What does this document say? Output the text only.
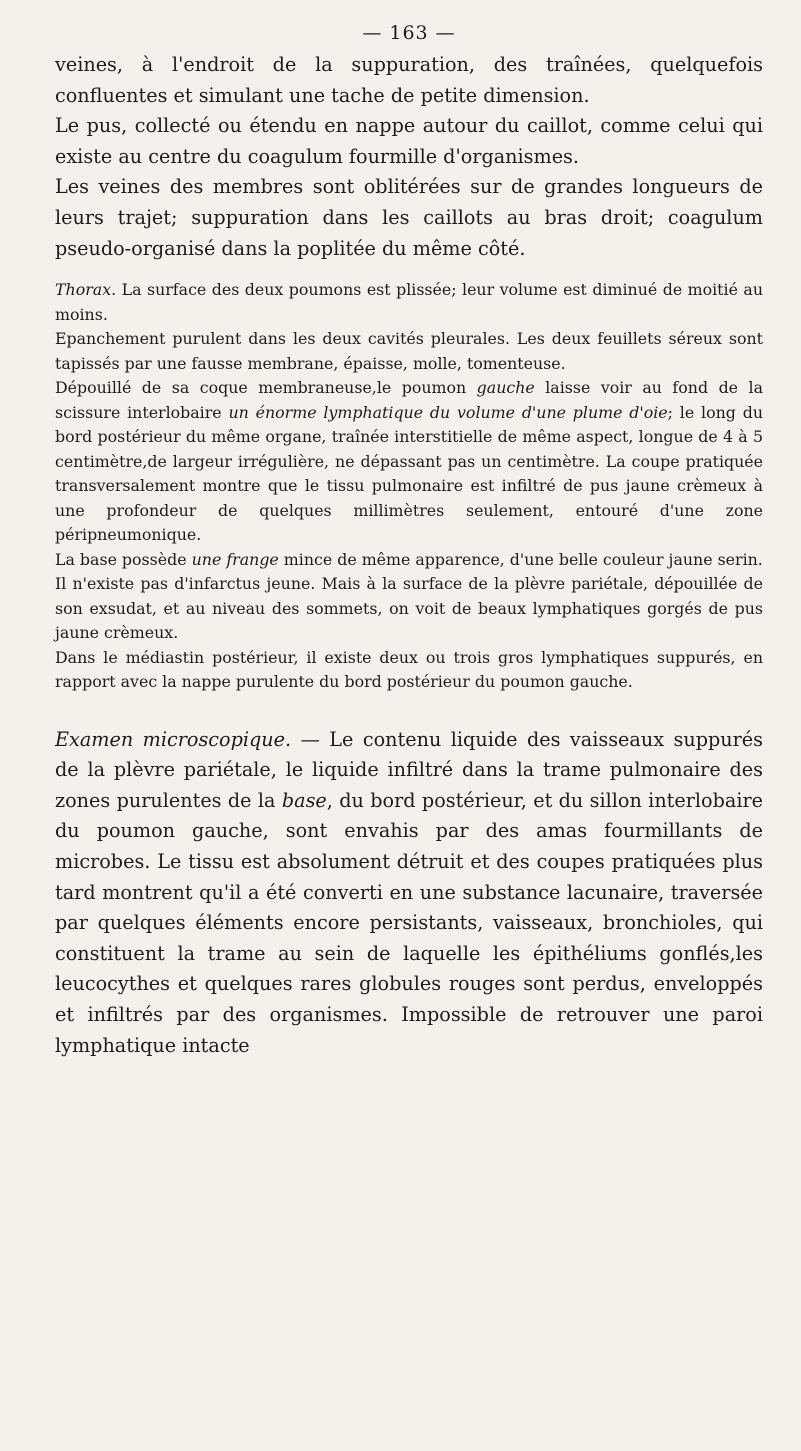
— 163 —

veines, à l'endroit de la suppuration, des traînées, quelquefois confluentes et simulant une tache de petite dimension.

Le pus, collecté ou étendu en nappe autour du caillot, comme celui qui existe au centre du coagulum fourmille d'organismes.

Les veines des membres sont oblitérées sur de grandes longueurs de leurs trajet; suppuration dans les caillots au bras droit; coagulum pseudo-organisé dans la poplitée du même côté.

Thorax. La surface des deux poumons est plissée; leur volume est diminué de moitié au moins.

Epanchement purulent dans les deux cavités pleurales. Les deux feuillets séreux sont tapissés par une fausse membrane, épaisse, molle, tomenteuse.

Dépouillé de sa coque membraneuse,le poumon gauche laisse voir au fond de la scissure interlobaire un énorme lymphatique du volume d'une plume d'oie; le long du bord postérieur du même organe, traînée interstitielle de même aspect, longue de 4 à 5 centimètre,de largeur irrégulière, ne dépassant pas un centimètre. La coupe pratiquée transversalement montre que le tissu pulmonaire est infiltré de pus jaune crèmeux à une profondeur de quelques millimètres seulement, entouré d'une zone péripneumonique.

La base possède une frange mince de même apparence, d'une belle couleur jaune serin.

Il n'existe pas d'infarctus jeune. Mais à la surface de la plèvre pariétale, dépouillée de son exsudat, et au niveau des sommets, on voit de beaux lymphatiques gorgés de pus jaune crèmeux.

Dans le médiastin postérieur, il existe deux ou trois gros lymphatiques suppurés, en rapport avec la nappe purulente du bord postérieur du poumon gauche.

Examen microscopique. — Le contenu liquide des vaisseaux suppurés de la plèvre pariétale, le liquide infiltré dans la trame pulmonaire des zones purulentes de la base, du bord postérieur, et du sillon interlobaire du poumon gauche, sont envahis par des amas fourmillants de microbes. Le tissu est absolument détruit et des coupes pratiquées plus tard montrent qu'il a été converti en une substance lacunaire, traversée par quelques éléments encore persistants, vaisseaux, bronchioles, qui constituent la trame au sein de laquelle les épithéliums gonflés,les leucocythes et quelques rares globules rouges sont perdus, enveloppés et infiltrés par des organismes. Impossible de retrouver une paroi lymphatique intacte
